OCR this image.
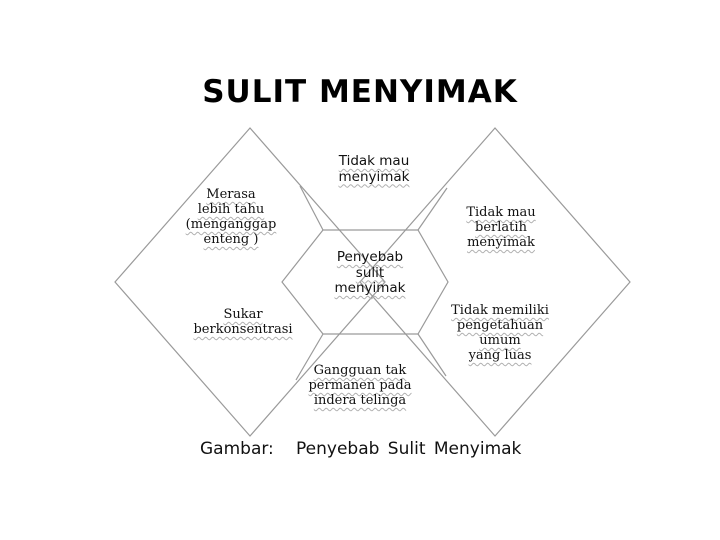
SULIT MENYIMAK
Tidak mau
menyimak
Merasa
lebih tahu
(menganggap
enteng )
Tidak mau
berlatih
menyimak
Penyebab
sulit
menyimak
Sukar
berkonsentrasi
Tidak memiliki
pengetahuan
umum
yang luas
Gangguan tak
permanen pada
indera telinga
Gambar: Penyebab Sulit Menyimak
